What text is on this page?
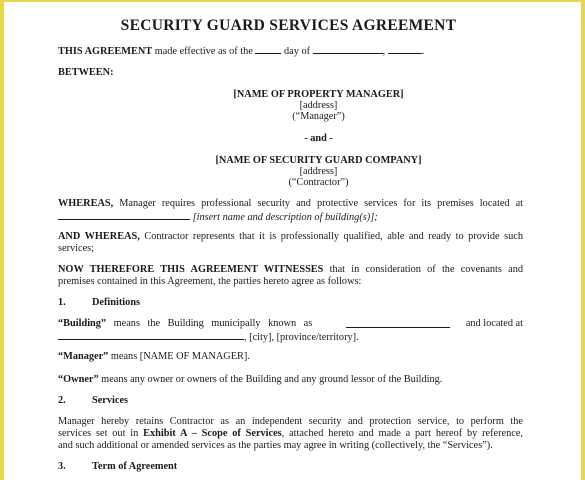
SECURITY GUARD SERVICES AGREEMENT
THIS AGREEMENT made effective as of the	day of	,	.
BETWEEN:
[NAME OF PROPERTY MANAGER]
[address]
(“Manager”)
- and -
[NAME OF SECURITY GUARD COMPANY]
[address]
(“Contractor”)
WHEREAS, Manager requires professional security and protective services for its premises located at
[insert name and description of building(s)];
AND WHEREAS, Contractor represents that it is professionally qualified, able and ready to provide such
services;
NOW THEREFORE THIS AGREEMENT WITNESSES that in consideration of the covenants and
premises contained in this Agreement, the parties hereto agree as follows:
1.	Definitions
“Building” means the Building municipally known as	and located at
, [city], [province/territory].
“Manager” means [NAME OF MANAGER].
“Owner” means any owner or owners of the Building and any ground lessor of the Building.
2.	Services
Manager hereby retains Contractor as an independent security and protection service, to perform the
services set out in Exhibit A – Scope of Services, attached hereto and made a part hereof by reference,
and such additional or amended services as the parties may agree in writing (collectively, the “Services”).
3.	Term of Agreement
